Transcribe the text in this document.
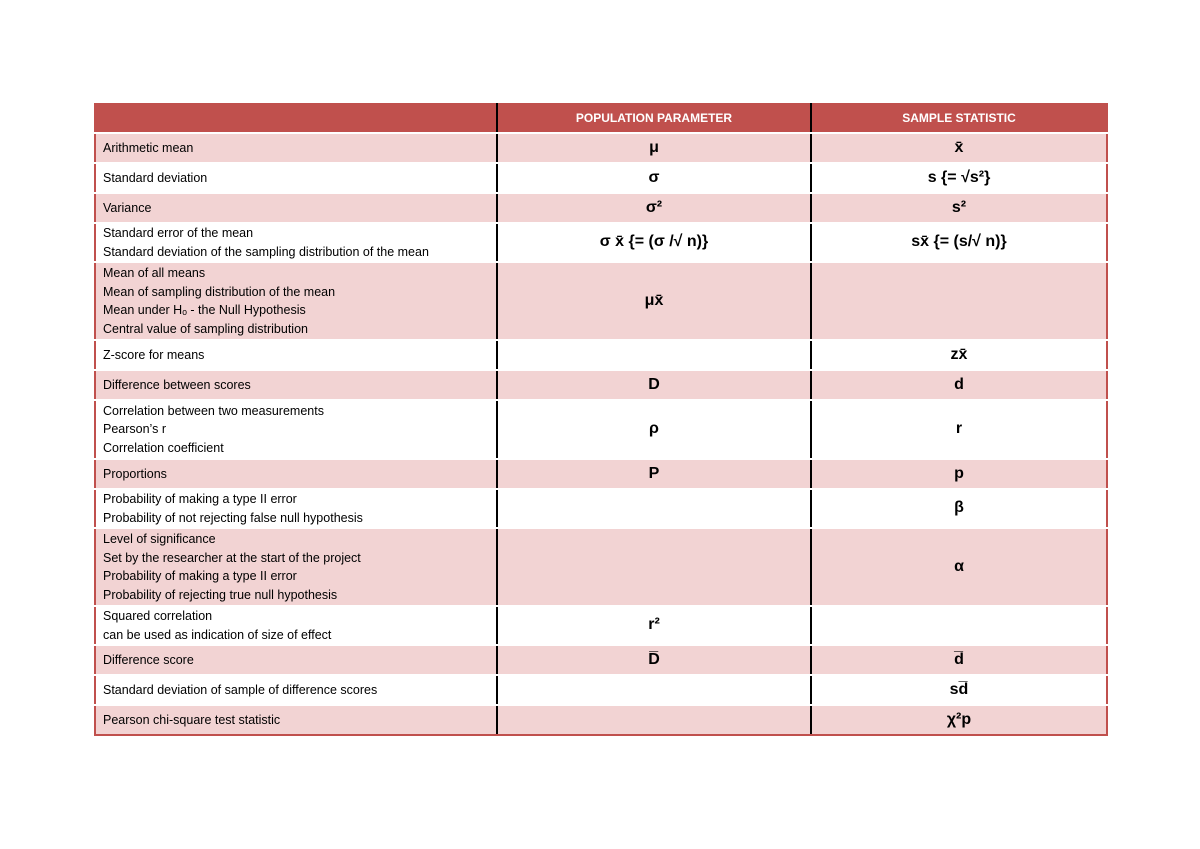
	POPULATION PARAMETER	SAMPLE STATISTIC

Arithmetic mean	μ	x̄

Standard deviation	σ	s {= √s²}

Variance	σ²	s²

Standard error of the mean
Standard deviation of the sampling distribution of the mean	σ x̄ {= (σ /√ n)}	sx̄ {= (s/√ n)}

Mean of all means
Mean of sampling distribution of the mean
Mean under Hₒ - the Null Hypothesis
Central value of sampling distribution	μx̄	

Z-score for means		zx̄

Difference between scores	D	d

Correlation between two measurements
Pearson’s r
Correlation coefficient	ρ	r

Proportions	P	p

Probability of making a type II error
Probability of not rejecting false null hypothesis		β

Level of significance
Set by the researcher at the start of the project
Probability of making a type II error
Probability of rejecting true null hypothesis		α

Squared correlation
can be used as indication of size of effect	r²	

Difference score	D̅	d̅

Standard deviation of sample of difference scores		sd̅

Pearson chi-square test statistic		χ²p
